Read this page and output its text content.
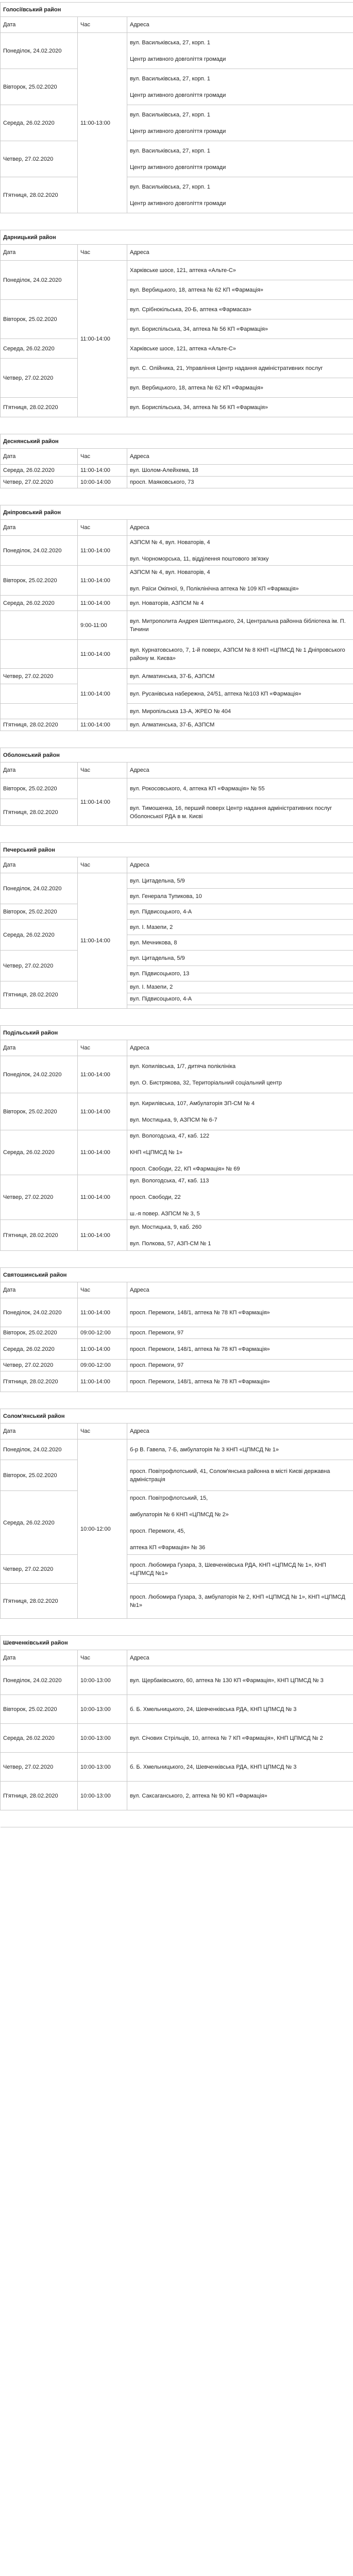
Голосіївський район		
Дата	Час	Адреса
Понеділок, 24.02.2020	11:00-13:00	вул. Васильківська, 27, корп. 1

Центр активного довголіття громади
Вівторок, 25.02.2020		вул. Васильківська, 27, корп. 1

Центр активного довголіття громади
Середа, 26.02.2020		вул. Васильківська, 27, корп. 1

Центр активного довголіття громади
Четвер, 27.02.2020		вул. Васильківська, 27, корп. 1

Центр активного довголіття громади
П'ятниця, 28.02.2020		вул. Васильківська, 27, корп. 1

Центр активного довголіття громади

Дарницький район		
Дата	Час	Адреса
Понеділок, 24.02.2020	11:00-14:00	Харківське шосе, 121, аптека «Альте-С»
		вул. Вербицького, 18, аптека № 62 КП «Фармація»
Вівторок, 25.02.2020		вул. Срібнокільська, 20-Б, аптека «Фармасаз»
		вул. Бориспільська, 34, аптека № 56 КП «Фармація»
Середа, 26.02.2020		Харківське шосе, 121, аптека «Альте-С»
Четвер, 27.02.2020		вул. С. Олійника, 21, Управління Центр надання адміністративних послуг
		вул. Вербицького, 18, аптека № 62 КП «Фармація»
П'ятниця, 28.02.2020		вул. Бориспільська, 34, аптека № 56 КП «Фармація»

Деснянський район		
Дата	Час	Адреса
Середа, 26.02.2020	11:00-14:00	вул. Шолом-Алейхема, 18
Четвер, 27.02.2020	10:00-14:00	просп. Маяковського, 73

Дніпровський район		
Дата	Час	Адреса
Понеділок, 24.02.2020	11:00-14:00	АЗПСМ № 4, вул. Новаторів, 4

вул. Чорноморська, 11, відділення поштового зв'язку
Вівторок, 25.02.2020	11:00-14:00	АЗПСМ № 4, вул. Новаторів, 4

вул. Раїси Окіпної, 9, Поліклінічна аптека № 109 КП «Фармація»
Середа, 26.02.2020	11:00-14:00	вул. Новаторів, АЗПСМ № 4
	9:00-11:00	вул. Митрополита Андрея Шептицького, 24, Центральна районна бібліотека ім. П. Тичини
	11:00-14:00	вул. Курнатовського, 7, 1-й поверх, АЗПСМ № 8 КНП «ЦПМСД № 1 Дніпровського району м. Києва»
Четвер, 27.02.2020	11:00-14:00	вул. Алматинська, 37-Б, АЗПСМ
		вул. Русанівська набережна, 24/51, аптека №103 КП «Фармація»
		вул. Миропільська 13-А, ЖРЕО № 404
П'ятниця, 28.02.2020	11:00-14:00	вул. Алматинська, 37-Б, АЗПСМ

Оболонський район		
Дата	Час	Адреса
Вівторок, 25.02.2020	11:00-14:00	вул. Рокосовського, 4, аптека КП «Фармація» № 55
П'ятниця, 28.02.2020		вул. Тимошенка, 16, перший поверх Центр надання адміністративних послуг Оболонської РДА в м. Києві

Печерський район		
Дата	Час	Адреса
Понеділок, 24.02.2020	11:00-14:00	вул. Цитадельна, 5/9
		вул. Генерала Тупикова, 10
Вівторок, 25.02.2020		вул. Підвисоцького, 4-А
Середа, 26.02.2020		вул. І. Мазепи, 2
		вул. Мечникова, 8
Четвер, 27.02.2020		вул. Цитадельна, 5/9
		вул. Підвисоцького, 13
П'ятниця, 28.02.2020		вул. І. Мазепи, 2
		вул. Підвисоцького, 4-А

Подільський район		
Дата	Час	Адреса
Понеділок, 24.02.2020	11:00-14:00	вул. Копилівська, 1/7, дитяча поліклініка

вул. О. Бистрякова, 32, Територіальний соціальний центр
Вівторок, 25.02.2020	11:00-14:00	вул. Кирилівська, 107, Амбулаторія ЗП-СМ № 4

вул. Мостицька, 9, АЗПСМ № 6-7
Середа, 26.02.2020	11:00-14:00	вул. Вологодська, 47, каб. 122

КНП «ЦПМСД № 1»

просп. Свободи, 22, КП «Фармація» № 69
Четвер, 27.02.2020	11:00-14:00	вул. Вологодська, 47, каб. 113

просп. Свободи, 22

ш.-я повер. АЗПСМ № 3, 5
П'ятниця, 28.02.2020	11:00-14:00	вул. Мостицька, 9, каб. 260

вул. Полкова, 57, АЗП-СМ № 1

Святошинський район		
Дата	Час	Адреса
Понеділок, 24.02.2020	11:00-14:00	просп. Перемоги, 148/1, аптека № 78 КП «Фармація»
Вівторок, 25.02.2020	09:00-12:00	просп. Перемоги, 97
Середа, 26.02.2020	11:00-14:00	просп. Перемоги, 148/1, аптека № 78 КП «Фармація»
Четвер, 27.02.2020	09:00-12:00	просп. Перемоги, 97
П'ятниця, 28.02.2020	11:00-14:00	просп. Перемоги, 148/1, аптека № 78 КП «Фармація»

Солом'янський район		
Дата	Час	Адреса
Понеділок, 24.02.2020	10:00-12:00	б-р В. Гавела, 7-Б, амбулаторія № 3 КНП «ЦПМСД № 1»
Вівторок, 25.02.2020		просп. Повітрофлотський, 41, Солом'янська районна в місті Києві державна адміністрація
Середа, 26.02.2020		просп. Повітрофлотський, 15,

амбулаторія № 6 КНП «ЦПМСД № 2»

просп. Перемоги, 45,

аптека КП «Фармація» № 36
Четвер, 27.02.2020		просп. Любомира Гузара, 3, Шевченківська РДА, КНП «ЦПМСД № 1», КНП «ЦПМСД №1»
П'ятниця, 28.02.2020		просп. Любомира Гузара, 3, амбулаторія № 2, КНП «ЦПМСД № 1», КНП «ЦПМСД №1»

Шевченківський район		
Дата	Час	Адреса
Понеділок, 24.02.2020	10:00-13:00	вул. Щербаківського, 60, аптека № 130 КП «Фармація», КНП ЦПМСД № 3
Вівторок, 25.02.2020	10:00-13:00	б. Б. Хмельницького, 24, Шевченківська РДА, КНП ЦПМСД № 3
Середа, 26.02.2020	10:00-13:00	вул. Січових Стрільців, 10, аптека № 7 КП «Фармація», КНП ЦПМСД № 2
Четвер, 27.02.2020	10:00-13:00	б. Б. Хмельницького, 24, Шевченківська РДА, КНП ЦПМСД № 3
П'ятниця, 28.02.2020	10:00-13:00	вул. Саксаганського, 2, аптека № 90 КП «Фармація»
